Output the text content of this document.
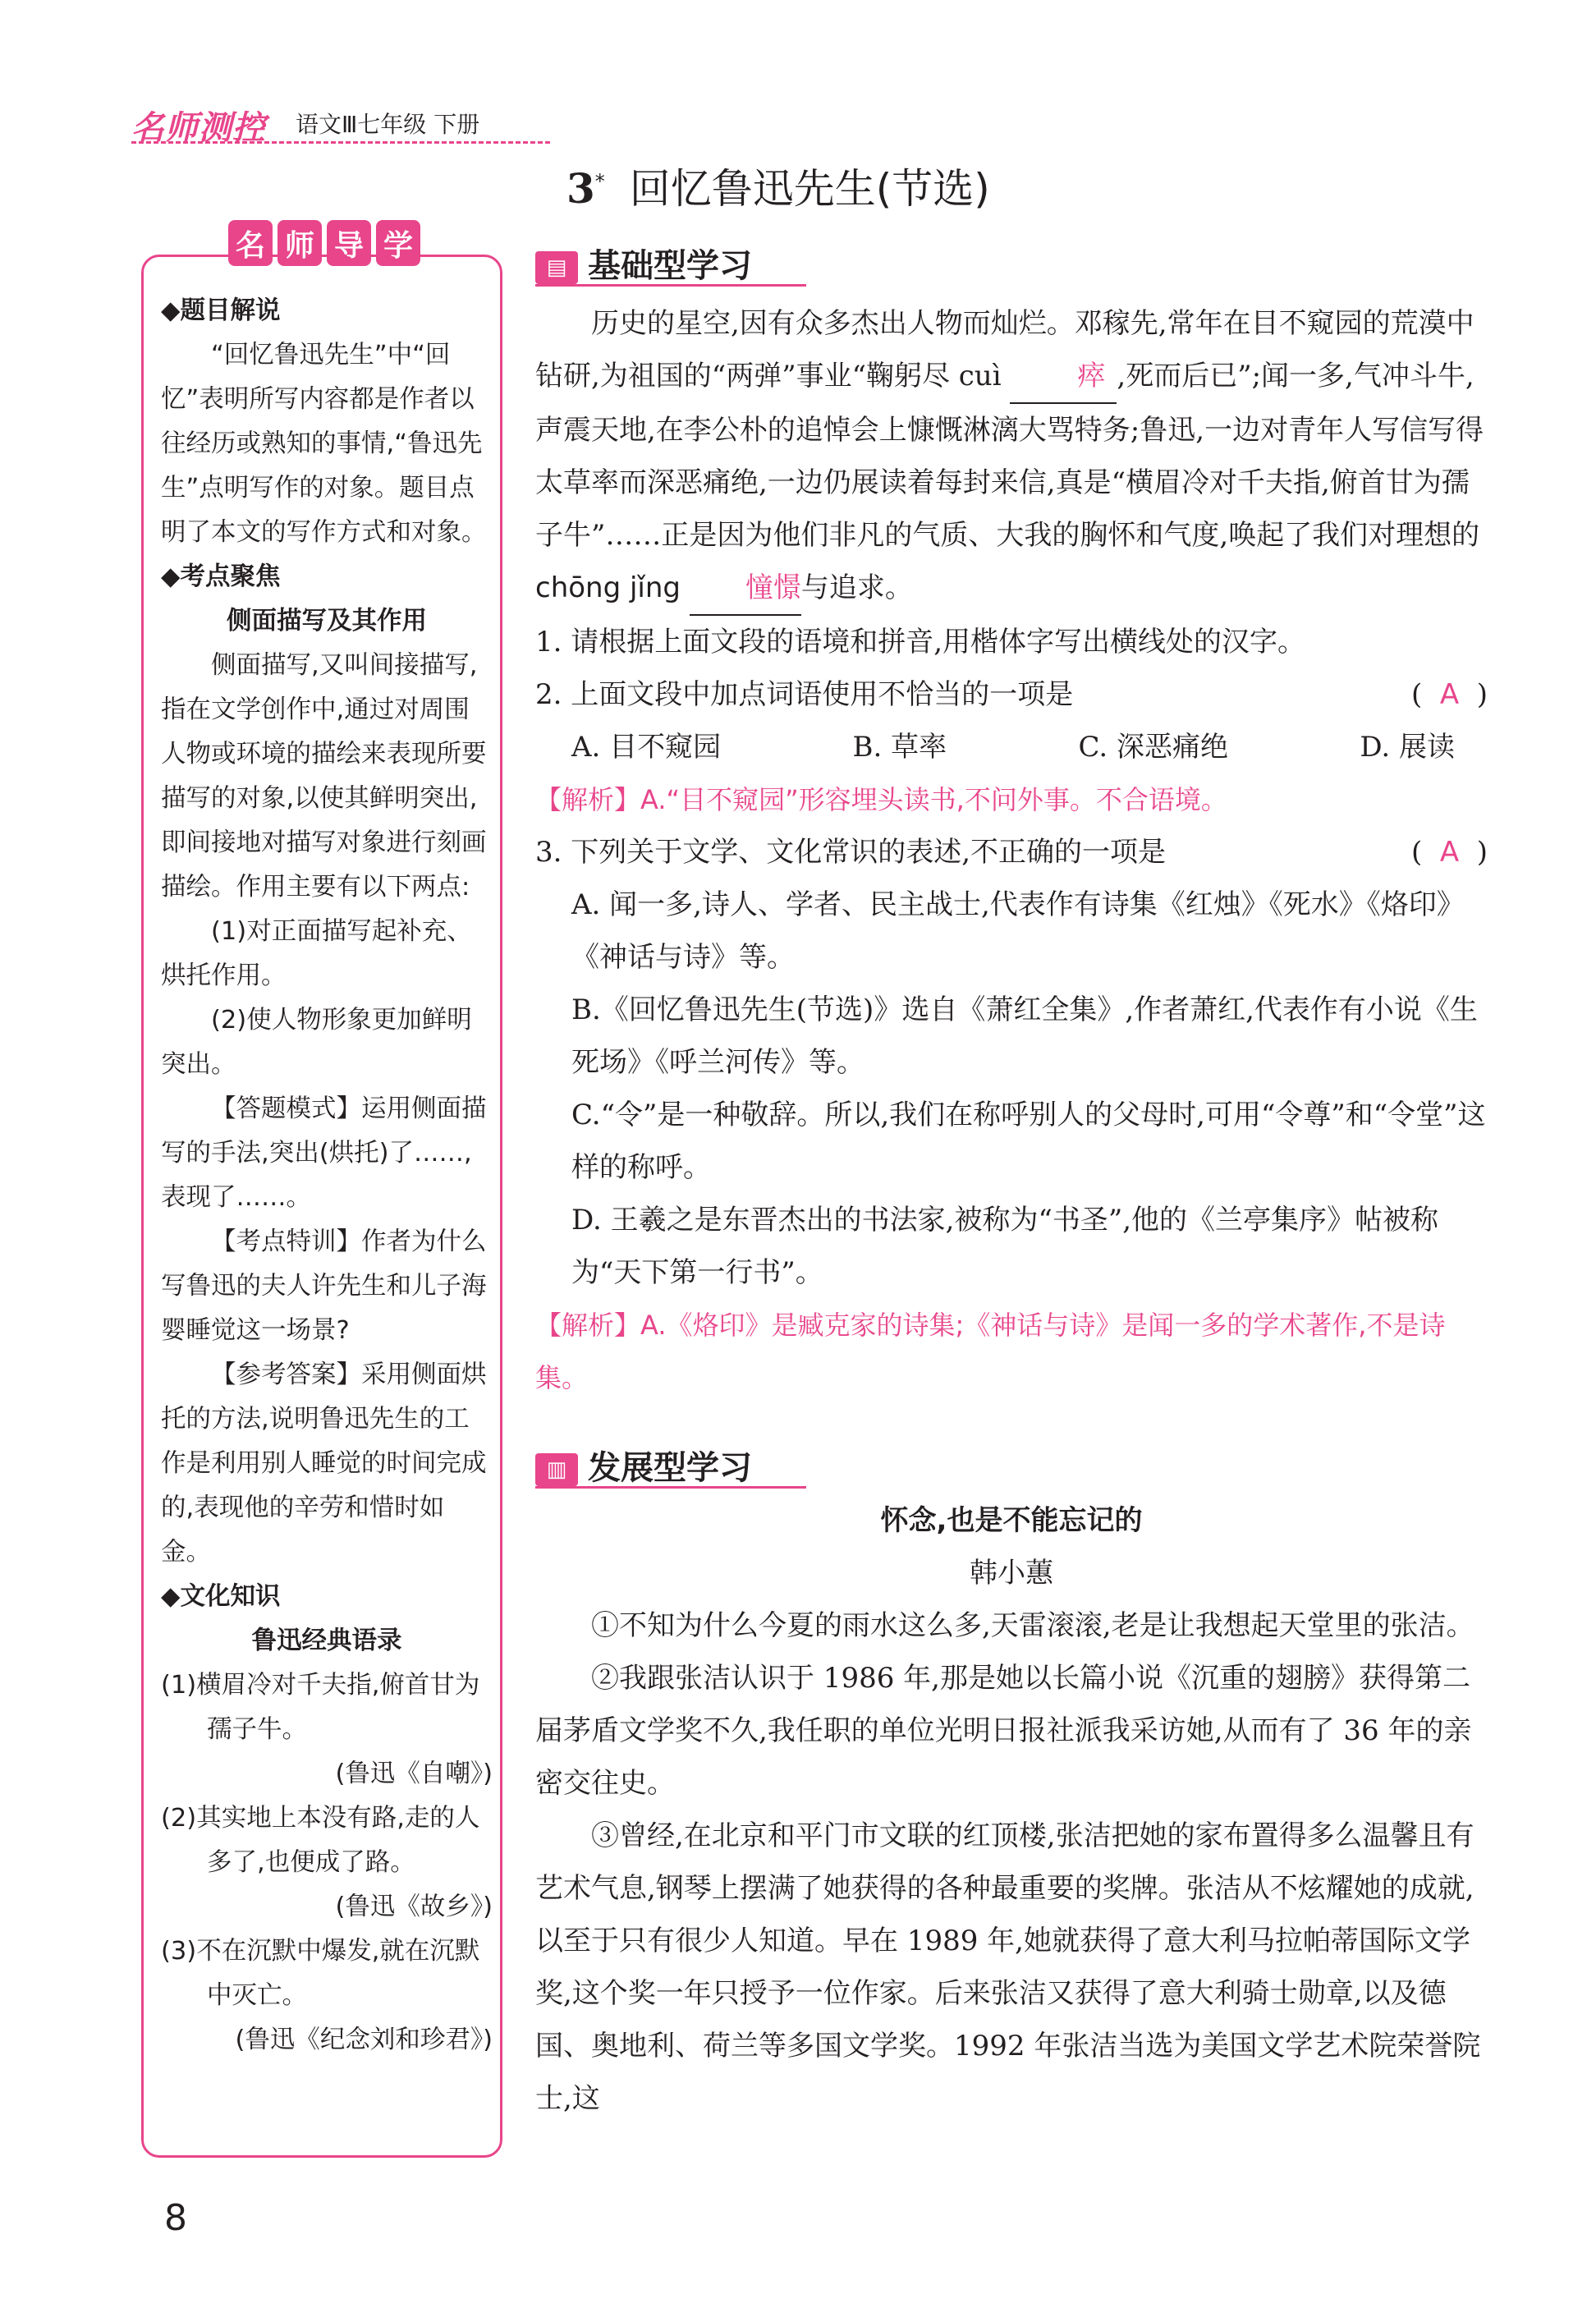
名师测控 语文Ⅲ七年级 下册
3* 回忆鲁迅先生(节选)
名 师 导 学

◆题目解说

“回忆鲁迅先生”中“回忆”表明所写内容都是作者以往经历或熟知的事情,“鲁迅先生”点明写作的对象。题目点明了本文的写作方式和对象。

◆考点聚焦

侧面描写及其作用

侧面描写,又叫间接描写,指在文学创作中,通过对周围人物或环境的描绘来表现所要描写的对象,以使其鲜明突出,即间接地对描写对象进行刻画描绘。作用主要有以下两点:

(1)对正面描写起补充、烘托作用。

(2)使人物形象更加鲜明突出。

【答题模式】运用侧面描写的手法,突出(烘托)了……,表现了……。

【考点特训】作者为什么写鲁迅的夫人许先生和儿子海婴睡觉这一场景?

【参考答案】采用侧面烘托的方法,说明鲁迅先生的工作是利用别人睡觉的时间完成的,表现他的辛劳和惜时如金。

◆文化知识

鲁迅经典语录

(1)横眉冷对千夫指,俯首甘为孺子牛。

(鲁迅《自嘲》)

(2)其实地上本没有路,走的人多了,也便成了路。

(鲁迅《故乡》)

(3)不在沉默中爆发,就在沉默中灭亡。

(鲁迅《纪念刘和珍君》)

▤ 基础型学习

历史的星空,因有众多杰出人物而灿烂。邓稼先,常年在目不窥园的荒漠中钻研,为祖国的“两弹”事业“鞠躬尽 cuì	瘁 ,死而后已”;闻一多,气冲斗牛,声震天地,在李公朴的追悼会上慷慨淋漓大骂特务;鲁迅,一边对青年人写信写得太草率而深恶痛绝,一边仍展读着每封来信,真是“横眉冷对千夫指,俯首甘为孺子牛”……正是因为他们非凡的气质、大我的胸怀和气度,唤起了我们对理想的chōng jǐng 憧憬与追求。

1. 请根据上面文段的语境和拼音,用楷体字写出横线处的汉字。

2. 上面文段中加点词语使用不恰当的一项是	(  A  )

A. 目不窥园	B. 草率	C. 深恶痛绝	D. 展读

【解析】A.“目不窥园”形容埋头读书,不问外事。不合语境。

3. 下列关于文学、文化常识的表述,不正确的一项是	(  A  )

A. 闻一多,诗人、学者、民主战士,代表作有诗集《红烛》《死水》《烙印》《神话与诗》等。

B.《回忆鲁迅先生(节选)》选自《萧红全集》,作者萧红,代表作有小说《生死场》《呼兰河传》等。

C.“令”是一种敬辞。所以,我们在称呼别人的父母时,可用“令尊”和“令堂”这样的称呼。

D. 王羲之是东晋杰出的书法家,被称为“书圣”,他的《兰亭集序》帖被称为“天下第一行书”。

【解析】A.《烙印》是臧克家的诗集;《神话与诗》是闻一多的学术著作,不是诗集。

▥ 发展型学习

怀念,也是不能忘记的

韩小蕙

①不知为什么今夏的雨水这么多,天雷滚滚,老是让我想起天堂里的张洁。

②我跟张洁认识于 1986 年,那是她以长篇小说《沉重的翅膀》获得第二届茅盾文学奖不久,我任职的单位光明日报社派我采访她,从而有了 36 年的亲密交往史。

③曾经,在北京和平门市文联的红顶楼,张洁把她的家布置得多么温馨且有艺术气息,钢琴上摆满了她获得的各种最重要的奖牌。张洁从不炫耀她的成就,以至于只有很少人知道。早在 1989 年,她就获得了意大利马拉帕蒂国际文学奖,这个奖一年只授予一位作家。后来张洁又获得了意大利骑士勋章,以及德国、奥地利、荷兰等多国文学奖。1992 年张洁当选为美国文学艺术院荣誉院士,这

8
